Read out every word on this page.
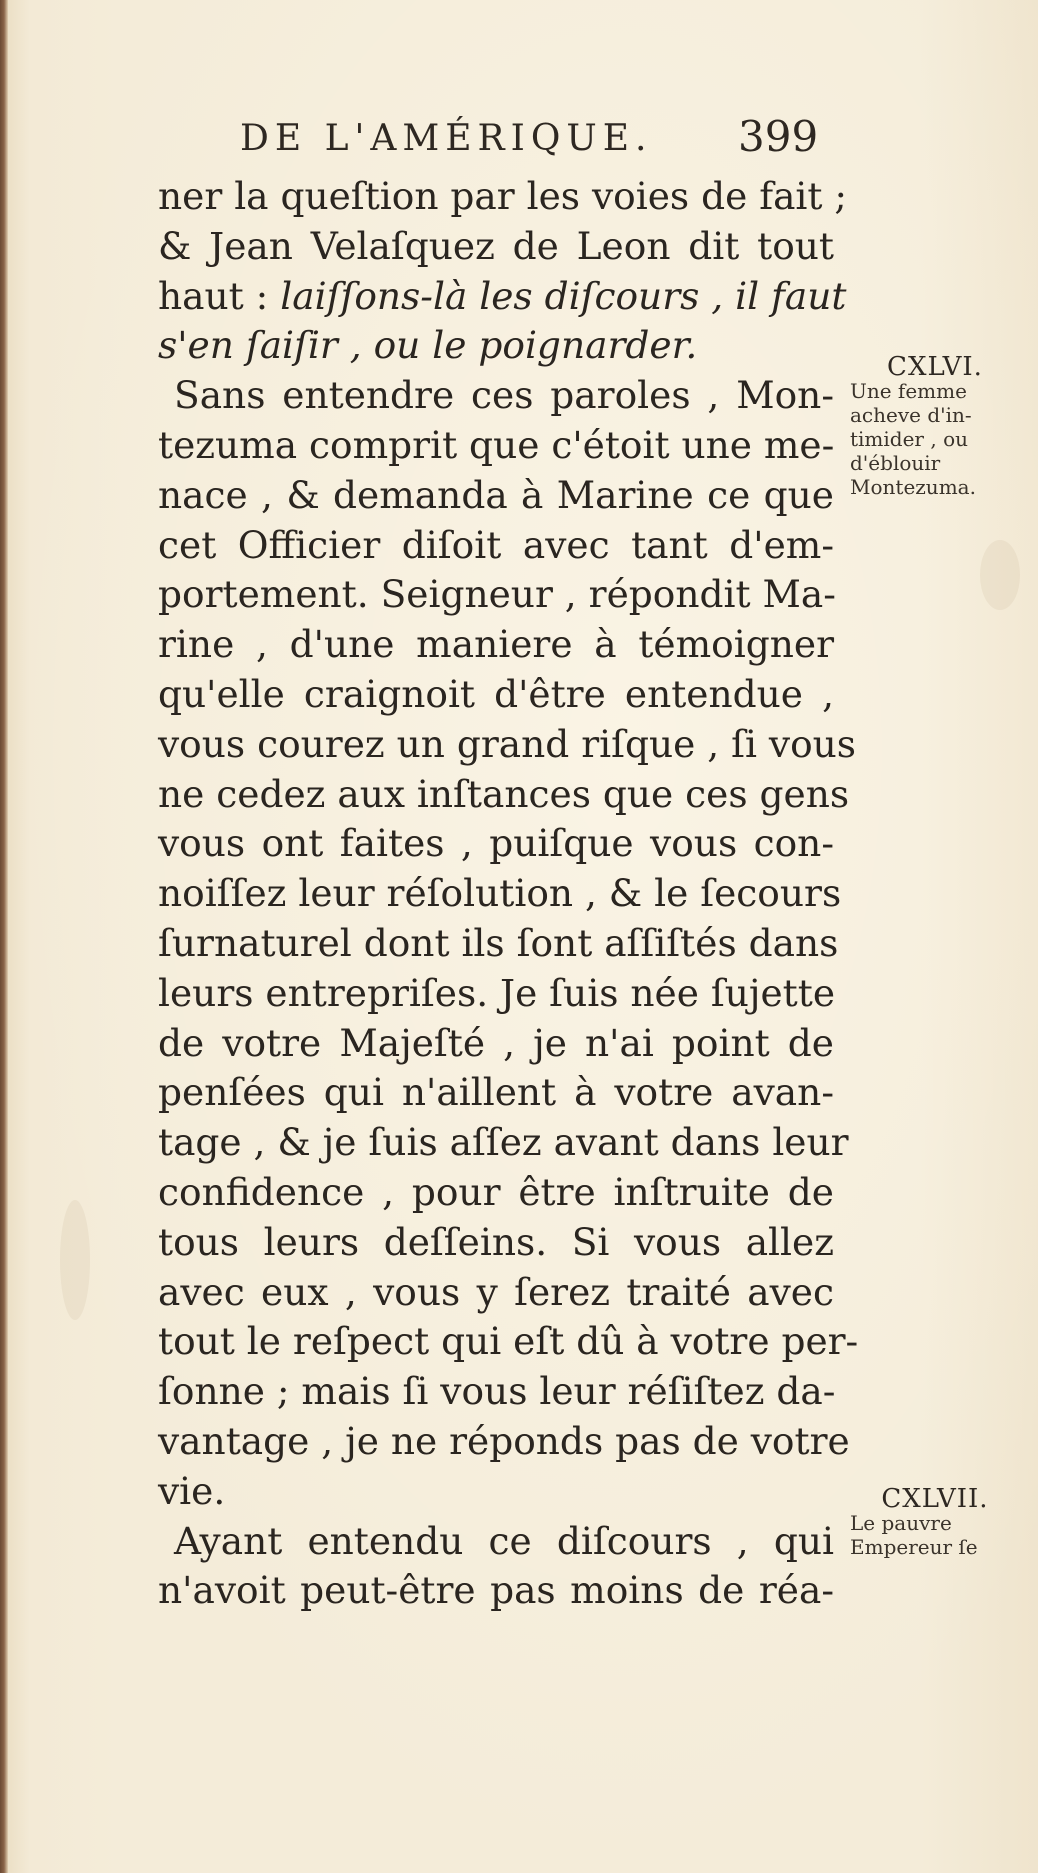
DE L'AMÉRIQUE. 399
ner la queſtion par les voies de fait ;
& Jean Velaſquez de Leon dit tout
haut : laiſſons-là les diſcours , il faut
s'en ſaiſir , ou le poignarder.
Sans entendre ces paroles , Mon-
tezuma comprit que c'étoit une me-
nace , & demanda à Marine ce que
cet Officier diſoit avec tant d'em-
portement. Seigneur , répondit Ma-
rine , d'une maniere à témoigner
qu'elle craignoit d'être entendue ,
vous courez un grand riſque , ſi vous
ne cedez aux inſtances que ces gens
vous ont faites , puiſque vous con-
noiſſez leur réſolution , & le ſecours
ſurnaturel dont ils ſont aſſiſtés dans
leurs entrepriſes. Je ſuis née ſujette
de votre Majeſté , je n'ai point de
penſées qui n'aillent à votre avan-
tage , & je ſuis aſſez avant dans leur
confidence , pour être inſtruite de
tous leurs deſſeins. Si vous allez
avec eux , vous y ſerez traité avec
tout le reſpect qui eſt dû à votre per-
ſonne ; mais ſi vous leur réſiſtez da-
vantage , je ne réponds pas de votre
vie.
Ayant entendu ce diſcours , qui
n'avoit peut-être pas moins de réa-
CXLVI.
Une femme
acheve d'in-
timider , ou
d'éblouir
Montezuma.
CXLVII.
Le pauvre
Empereur ſe
